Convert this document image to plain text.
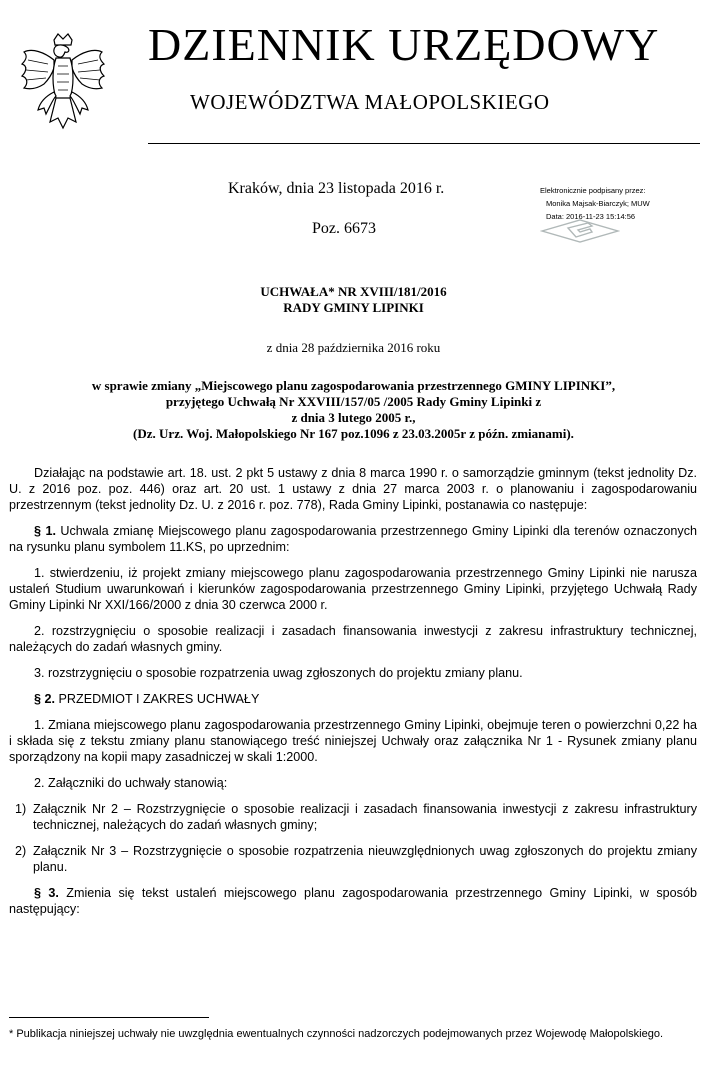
DZIENNIK URZĘDOWY
WOJEWÓDZTWA MAŁOPOLSKIEGO
Kraków, dnia 23 listopada 2016 r.
Poz. 6673
Elektronicznie podpisany przez:
Monika Majsak-Biarczyk; MUW
Data: 2016-11-23 15:14:56
UCHWAŁA* NR XVIII/181/2016
RADY GMINY LIPINKI
z dnia 28 października 2016 roku
w sprawie zmiany „Miejscowego planu zagospodarowania przestrzennego GMINY LIPINKI”,
przyjętego Uchwałą Nr XXVIII/157/05 /2005 Rady Gminy Lipinki z
z dnia 3 lutego 2005 r.,
(Dz. Urz. Woj. Małopolskiego Nr 167 poz.1096 z 23.03.2005r z późn. zmianami).

Działając na podstawie art. 18. ust. 2 pkt 5 ustawy z dnia 8 marca 1990 r. o samorządzie gminnym (tekst jednolity Dz. U. z 2016 poz. poz. 446) oraz art. 20 ust. 1 ustawy z dnia 27 marca 2003 r. o planowaniu i zagospodarowaniu przestrzennym (tekst jednolity Dz. U. z 2016 r. poz. 778), Rada Gminy Lipinki, postanawia co następuje:

§ 1. Uchwala zmianę Miejscowego planu zagospodarowania przestrzennego Gminy Lipinki dla terenów oznaczonych na rysunku planu symbolem 11.KS, po uprzednim:

1. stwierdzeniu, iż projekt zmiany miejscowego planu zagospodarowania przestrzennego Gminy Lipinki nie narusza ustaleń Studium uwarunkowań i kierunków zagospodarowania przestrzennego Gminy Lipinki, przyjętego Uchwałą Rady Gminy Lipinki Nr XXI/166/2000 z dnia 30 czerwca 2000 r.

2. rozstrzygnięciu o sposobie realizacji i zasadach finansowania inwestycji z zakresu infrastruktury technicznej, należących do zadań własnych gminy.

3. rozstrzygnięciu o sposobie rozpatrzenia uwag zgłoszonych do projektu zmiany planu.

§ 2. PRZEDMIOT I ZAKRES UCHWAŁY

1. Zmiana miejscowego planu zagospodarowania przestrzennego Gminy Lipinki, obejmuje teren o powierzchni 0,22 ha i składa się z tekstu zmiany planu stanowiącego treść niniejszej Uchwały oraz załącznika Nr 1 - Rysunek zmiany planu sporządzony na kopii mapy zasadniczej w skali 1:2000.

2. Załączniki do uchwały stanowią:

1) Załącznik Nr 2 – Rozstrzygnięcie o sposobie realizacji i zasadach finansowania inwestycji z zakresu infrastruktury technicznej, należących do zadań własnych gminy;

2) Załącznik Nr 3 – Rozstrzygnięcie o sposobie rozpatrzenia nieuwzględnionych uwag zgłoszonych do projektu zmiany planu.

§ 3. Zmienia się tekst ustaleń miejscowego planu zagospodarowania przestrzennego Gminy Lipinki, w sposób następujący:

* Publikacja niniejszej uchwały nie uwzględnia ewentualnych czynności nadzorczych podejmowanych przez Wojewodę Małopolskiego.
